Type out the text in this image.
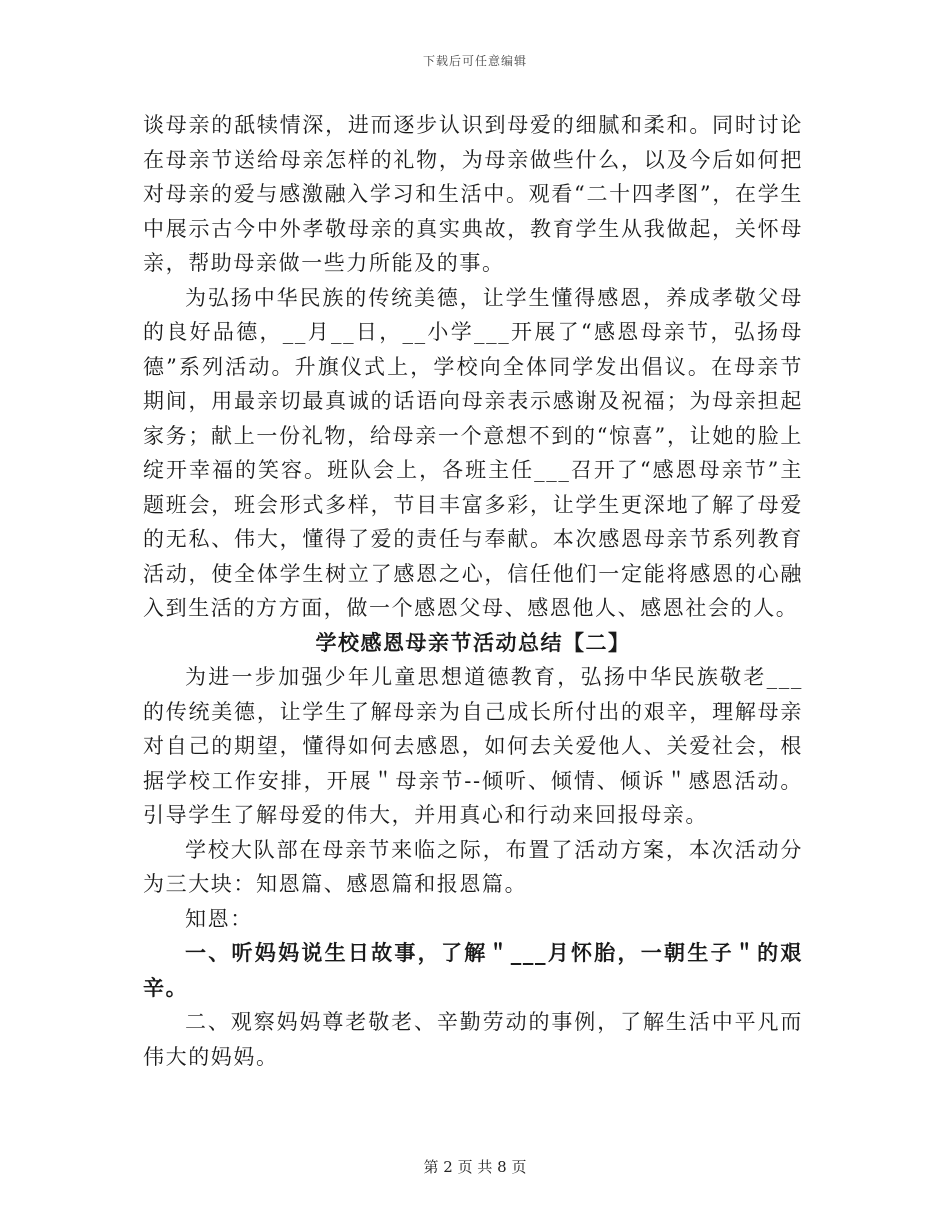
下载后可任意编辑

谈母亲的舐犊情深，进而逐步认识到母爱的细腻和柔和。同时讨论在母亲节送给母亲怎样的礼物，为母亲做些什么，以及今后如何把对母亲的爱与感激融入学习和生活中。观看“二十四孝图”，在学生中展示古今中外孝敬母亲的真实典故，教育学生从我做起，关怀母亲，帮助母亲做一些力所能及的事。

为弘扬中华民族的传统美德，让学生懂得感恩，养成孝敬父母的良好品德，__月__日，__小学___开展了“感恩母亲节，弘扬母德”系列活动。升旗仪式上，学校向全体同学发出倡议。在母亲节期间，用最亲切最真诚的话语向母亲表示感谢及祝福；为母亲担起家务；献上一份礼物，给母亲一个意想不到的“惊喜”，让她的脸上绽开幸福的笑容。班队会上，各班主任___召开了“感恩母亲节”主题班会，班会形式多样，节目丰富多彩，让学生更深地了解了母爱的无私、伟大，懂得了爱的责任与奉献。本次感恩母亲节系列教育活动，使全体学生树立了感恩之心，信任他们一定能将感恩的心融入到生活的方方面，做一个感恩父母、感恩他人、感恩社会的人。

学校感恩母亲节活动总结【二】

为进一步加强少年儿童思想道德教育，弘扬中华民族敬老___的传统美德，让学生了解母亲为自己成长所付出的艰辛，理解母亲对自己的期望，懂得如何去感恩，如何去关爱他人、关爱社会，根据学校工作安排，开展＂母亲节--倾听、倾情、倾诉＂感恩活动。引导学生了解母爱的伟大，并用真心和行动来回报母亲。

学校大队部在母亲节来临之际，布置了活动方案，本次活动分为三大块：知恩篇、感恩篇和报恩篇。

知恩：

一、听妈妈说生日故事，了解＂___月怀胎，一朝生子＂的艰辛。

二、观察妈妈尊老敬老、辛勤劳动的事例，了解生活中平凡而伟大的妈妈。

第 2 页 共 8 页
